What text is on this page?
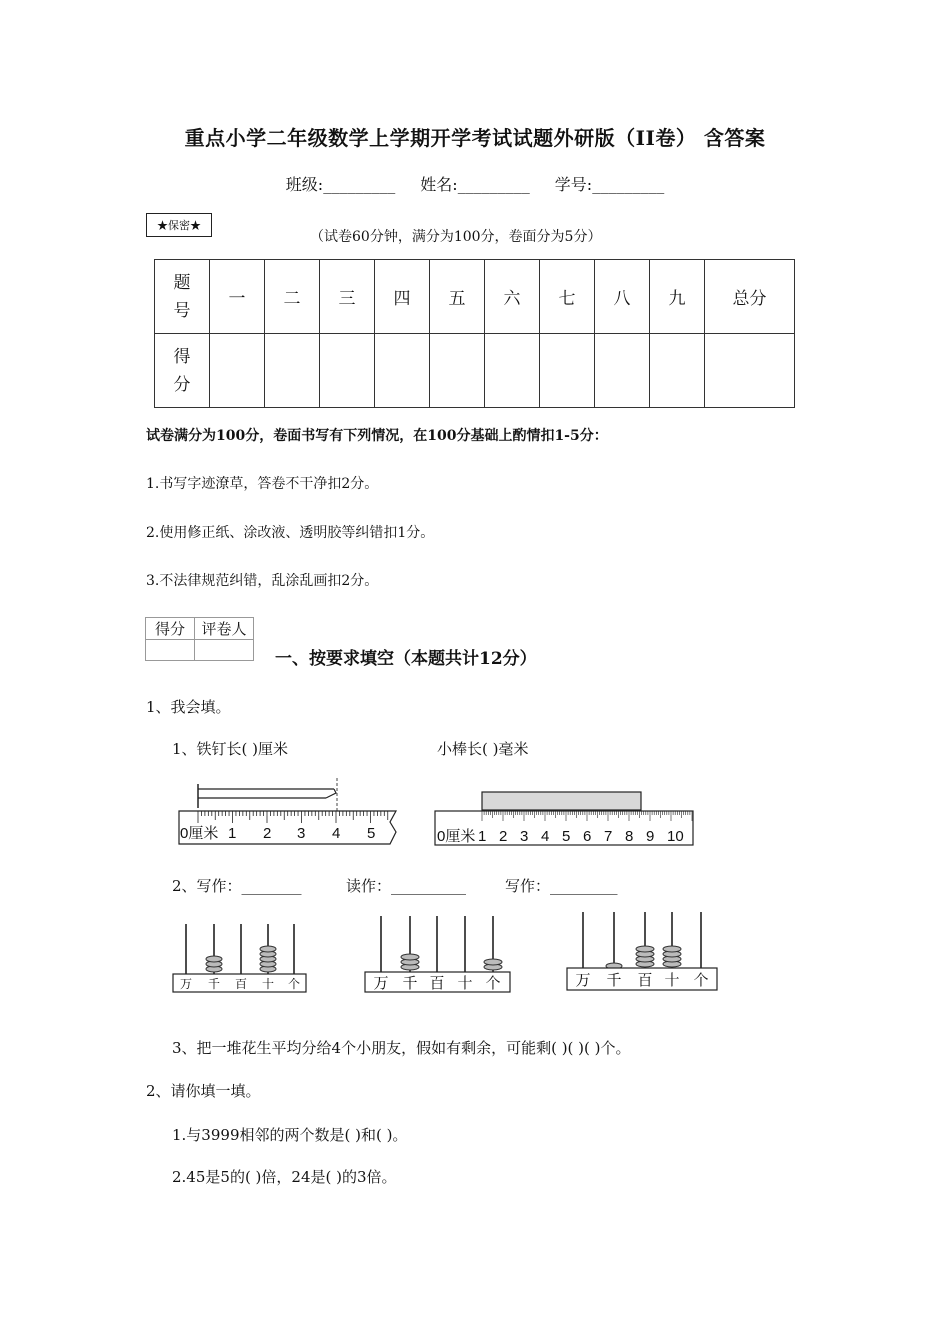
重点小学二年级数学上学期开学考试试题外研版（II卷） 含答案
班级:_________ 姓名:_________ 学号:_________
★保密★
（试卷60分钟，满分为100分，卷面分为5分）
题
号	一	二	三	四	五	六	七	八	九	总分

得
分										

试卷满分为100分，卷面书写有下列情况，在100分基础上酌情扣1-5分：
1.书写字迹潦草，答卷不干净扣2分。
2.使用修正纸、涂改液、透明胶等纠错扣1分。
3.不法律规范纠错，乱涂乱画扣2分。
得分	评卷人

一、按要求填空（本题共计12分）
1、我会填。
1、铁钉长( )厘米	小棒长( )毫米
0厘米 1 2 3 4 5	0厘米 1 2 3 4 5 6 7 8 9 10
2、写作：________	读作：__________	写作：_________
万 千 百 十 个	万 千 百 十 个	万 千 百 十 个
3、把一堆花生平均分给4个小朋友，假如有剩余，可能剩( )( )( )个。
2、请你填一填。
1.与3999相邻的两个数是( )和( )。
2.45是5的( )倍，24是( )的3倍。
